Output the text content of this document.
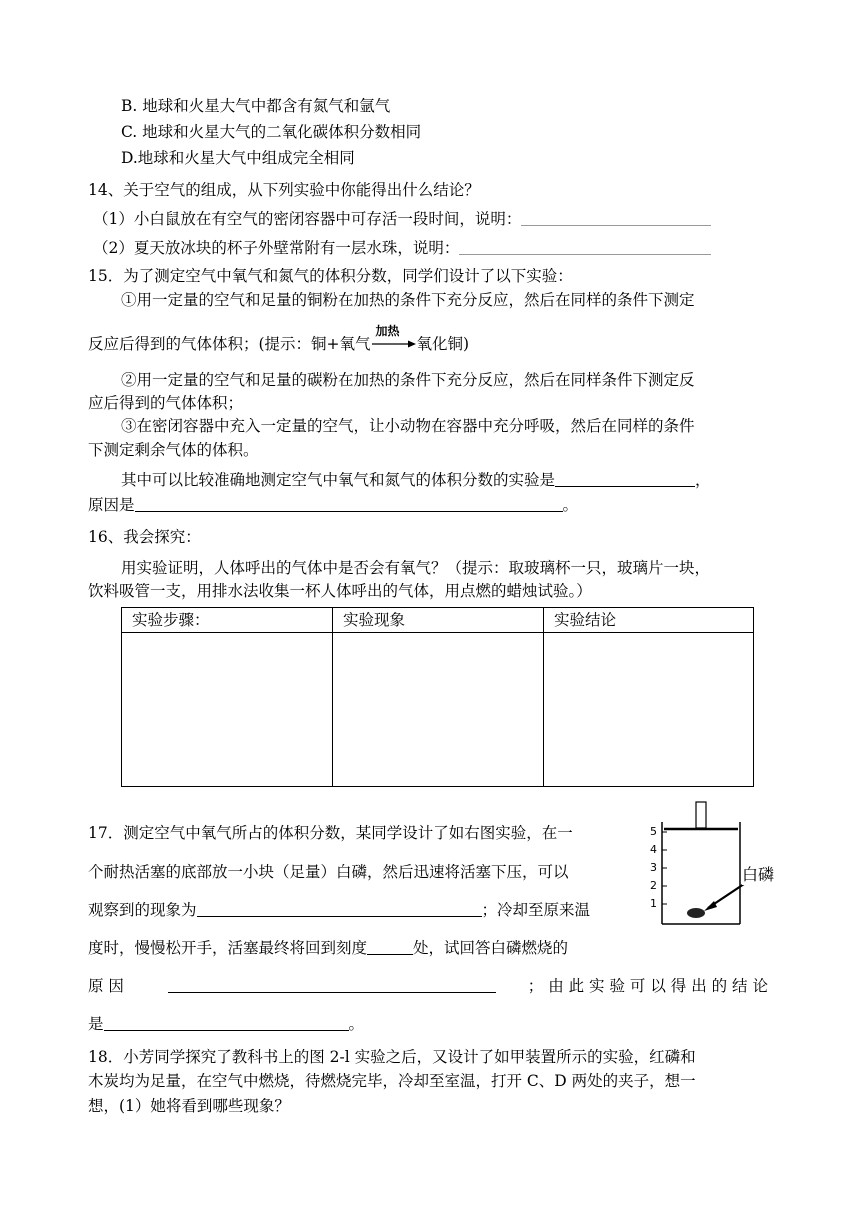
B. 地球和火星大气中都含有氮气和氩气
C. 地球和火星大气的二氧化碳体积分数相同
D.地球和火星大气中组成完全相同
14、关于空气的组成，从下列实验中你能得出什么结论？
（1）小白鼠放在有空气的密闭容器中可存活一段时间，说明：
（2）夏天放冰块的杯子外壁常附有一层水珠，说明：
15．为了测定空气中氧气和氮气的体积分数，同学们设计了以下实验：
①用一定量的空气和足量的铜粉在加热的条件下充分反应，然后在同样的条件下测定
反应后得到的气体体积；(提示：铜+氧气
加热
氧化铜)
②用一定量的空气和足量的碳粉在加热的条件下充分反应，然后在同样条件下测定反
应后得到的气体体积；
③在密闭容器中充入一定量的空气，让小动物在容器中充分呼吸，然后在同样的条件
下测定剩余气体的体积。
其中可以比较准确地测定空气中氧气和氮气的体积分数的实验是	，
原因是	。
16、我会探究：
用实验证明，人体呼出的气体中是否会有氧气？（提示：取玻璃杯一只，玻璃片一块，
饮料吸管一支，用排水法收集一杯人体呼出的气体，用点燃的蜡烛试验。）
实验步骤：	实验现象	实验结论

17．测定空气中氧气所占的体积分数，某同学设计了如右图实验，在一
个耐热活塞的底部放一小块（足量）白磷，然后迅速将活塞下压，可以
观察到的现象为	；冷却至原来温
度时，慢慢松开手，活塞最终将回到刻度	处，试回答白磷燃烧的
原 因	； 由 此 实 验 可 以 得 出 的 结 论
是	。
5
4
3
2
1
白磷
18．小芳同学探究了教科书上的图 2-l 实验之后，又设计了如甲装置所示的实验，红磷和
木炭均为足量，在空气中燃烧，待燃烧完毕，冷却至室温，打开 C、D 两处的夹子，想一
想，(1）她将看到哪些现象？
